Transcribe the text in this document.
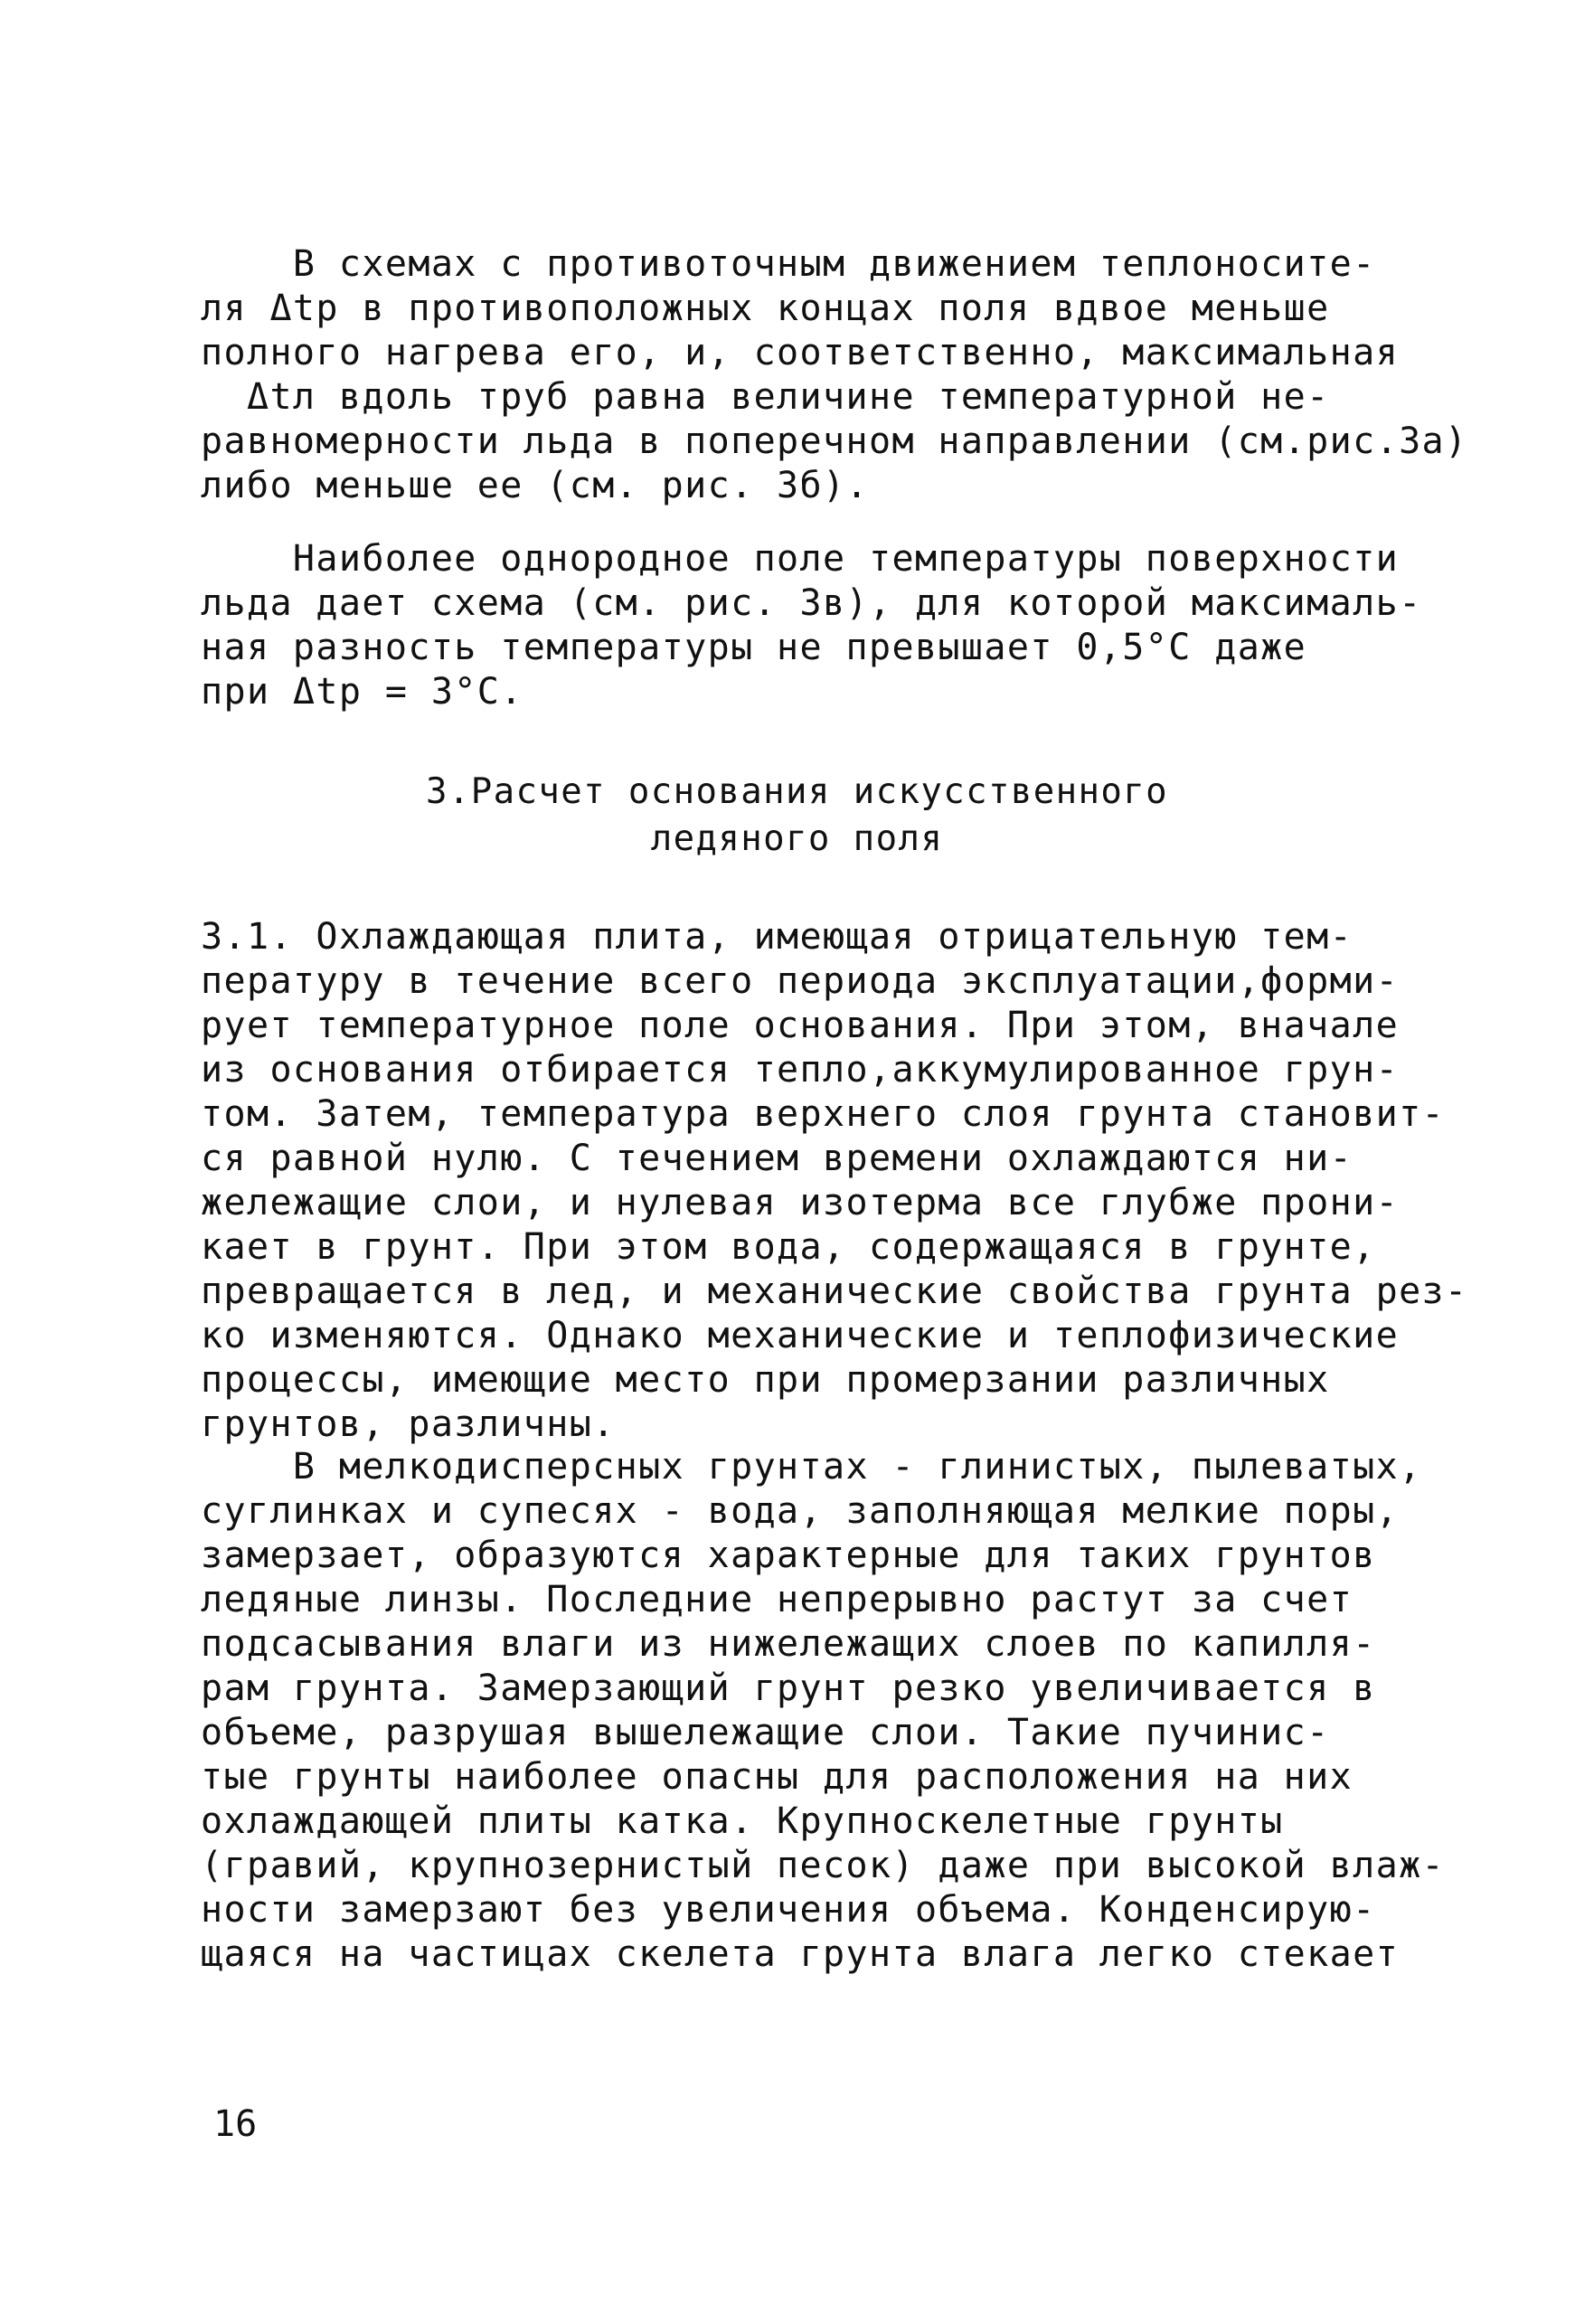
В схемах с противоточным движением теплоносите-
ля Δtр в противоположных концах поля вдвое меньше
полного нагрева его, и, соответственно, максимальная
Δtл вдоль труб равна величине температурной не-
равномерности льда в поперечном направлении (см.рис.3а)
либо меньше ее (см. рис. 3б).
Наиболее однородное поле температуры поверхности
льда дает схема (см. рис. 3в), для которой максималь-
ная разность температуры не превышает 0,5°С даже
при Δtр = 3°С.
3.Расчет основания искусственного
ледяного поля
3.1. Охлаждающая плита, имеющая отрицательную тем-
пературу в течение всего периода эксплуатации,форми-
рует температурное поле основания. При этом, вначале
из основания отбирается тепло,аккумулированное грун-
том. Затем, температура верхнего слоя грунта становит-
ся равной нулю. С течением времени охлаждаются ни-
жележащие слои, и нулевая изотерма все глубже прони-
кает в грунт. При этом вода, содержащаяся в грунте,
превращается в лед, и механические свойства грунта рез-
ко изменяются. Однако механические и теплофизические
процессы, имеющие место при промерзании различных
грунтов, различны.
В мелкодисперсных грунтах - глинистых, пылеватых,
суглинках и супесях - вода, заполняющая мелкие поры,
замерзает, образуются характерные для таких грунтов
ледяные линзы. Последние непрерывно растут за счет
подсасывания влаги из нижележащих слоев по капилля-
рам грунта. Замерзающий грунт резко увеличивается в
объеме, разрушая вышележащие слои. Такие пучинис-
тые грунты наиболее опасны для расположения на них
охлаждающей плиты катка. Крупноскелетные грунты
(гравий, крупнозернистый песок) даже при высокой влаж-
ности замерзают без увеличения объема. Конденсирую-
щаяся на частицах скелета грунта влага легко стекает
16
